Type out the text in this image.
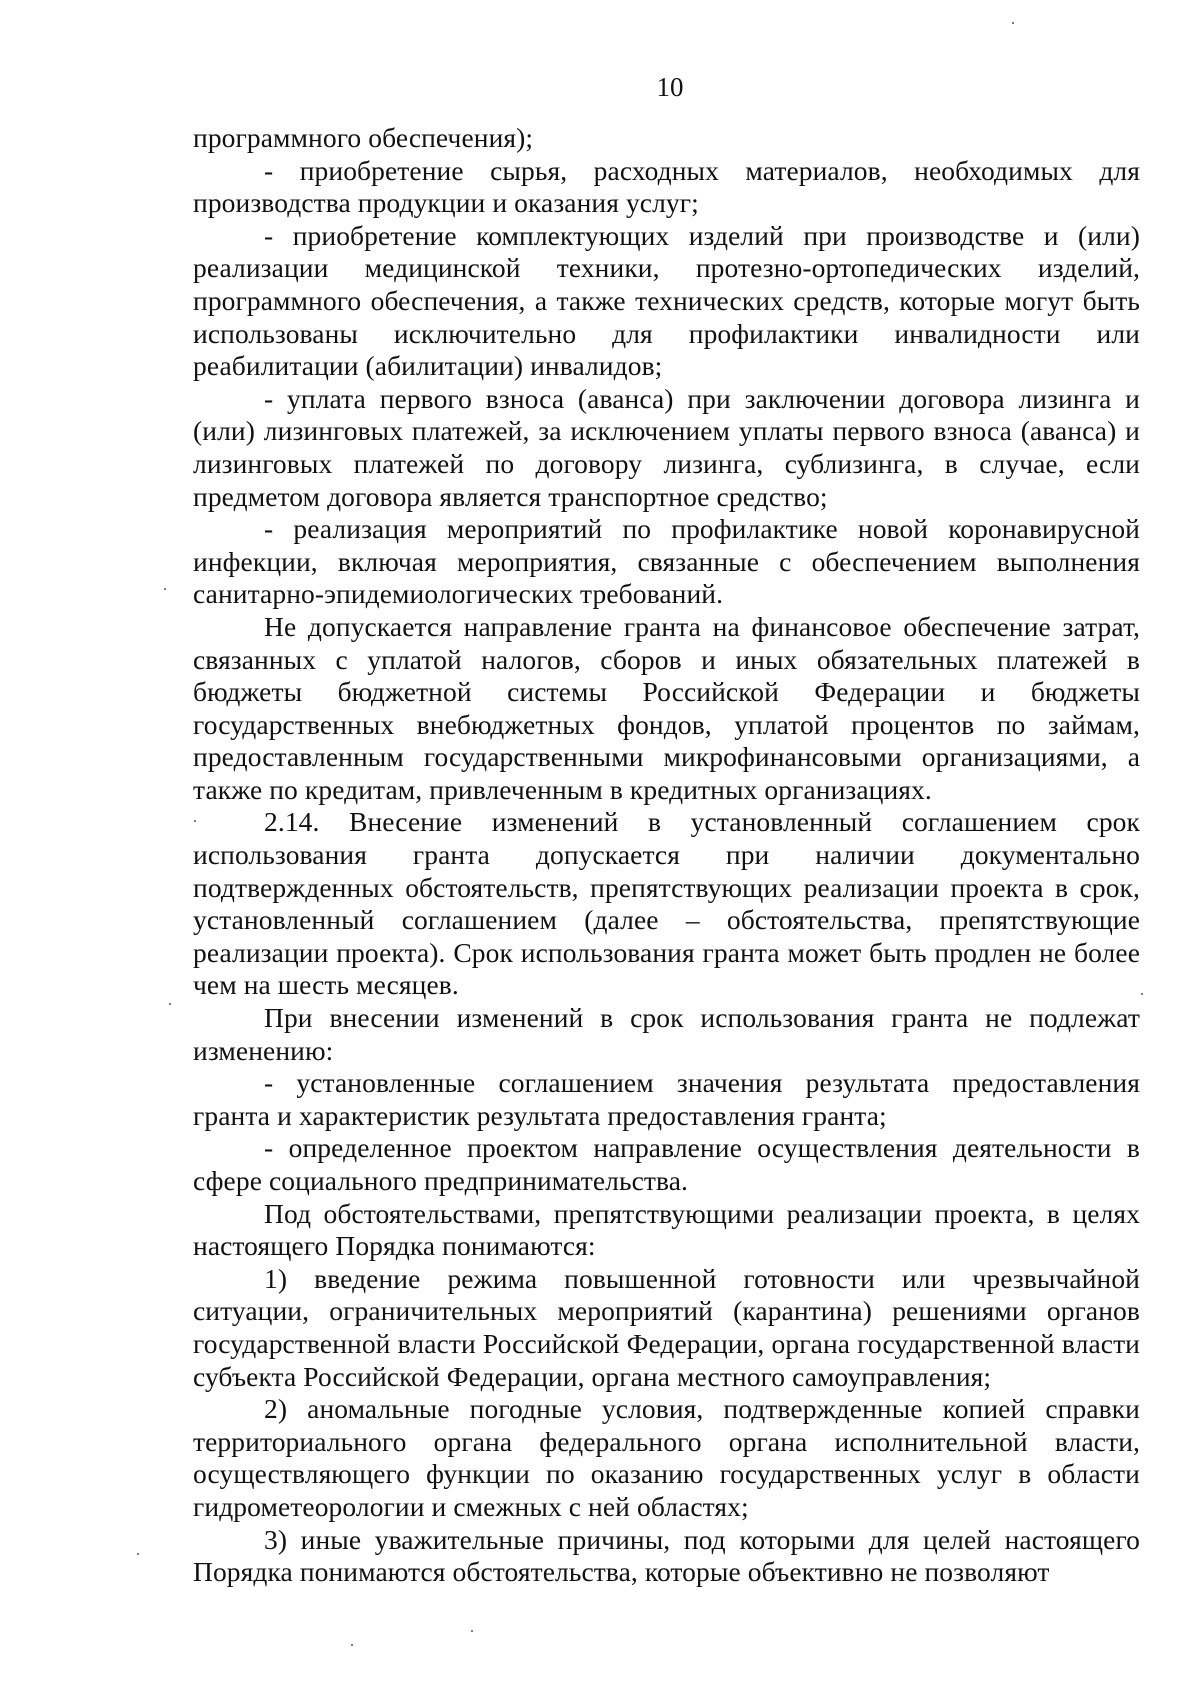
10

программного обеспечения);

- приобретение сырья, расходных материалов, необходимых для производства продукции и оказания услуг;

- приобретение комплектующих изделий при производстве и (или) реализации медицинской техники, протезно-ортопедических изделий, программного обеспечения, а также технических средств, которые могут быть использованы исключительно для профилактики инвалидности или реабилитации (абилитации) инвалидов;

- уплата первого взноса (аванса) при заключении договора лизинга и (или) лизинговых платежей, за исключением уплаты первого взноса (аванса) и лизинговых платежей по договору лизинга, сублизинга, в случае, если предметом договора является транспортное средство;

- реализация мероприятий по профилактике новой коронавирусной инфекции, включая мероприятия, связанные с обеспечением выполнения санитарно-эпидемиологических требований.

Не допускается направление гранта на финансовое обеспечение затрат, связанных с уплатой налогов, сборов и иных обязательных платежей в бюджеты бюджетной системы Российской Федерации и бюджеты государственных внебюджетных фондов, уплатой процентов по займам, предоставленным государственными микрофинансовыми организациями, а также по кредитам, привлеченным в кредитных организациях.

2.14. Внесение изменений в установленный соглашением срок использования гранта допускается при наличии документально подтвержденных обстоятельств, препятствующих реализации проекта в срок, установленный соглашением (далее – обстоятельства, препятствующие реализации проекта). Срок использования гранта может быть продлен не более чем на шесть месяцев.

При внесении изменений в срок использования гранта не подлежат изменению:

- установленные соглашением значения результата предоставления гранта и характеристик результата предоставления гранта;

- определенное проектом направление осуществления деятельности в сфере социального предпринимательства.

Под обстоятельствами, препятствующими реализации проекта, в целях настоящего Порядка понимаются:

1) введение режима повышенной готовности или чрезвычайной ситуации, ограничительных мероприятий (карантина) решениями органов государственной власти Российской Федерации, органа государственной власти субъекта Российской Федерации, органа местного самоуправления;

2) аномальные погодные условия, подтвержденные копией справки территориального органа федерального органа исполнительной власти, осуществляющего функции по оказанию государственных услуг в области гидрометеорологии и смежных с ней областях;

3) иные уважительные причины, под которыми для целей настоящего Порядка понимаются обстоятельства, которые объективно не позволяют
